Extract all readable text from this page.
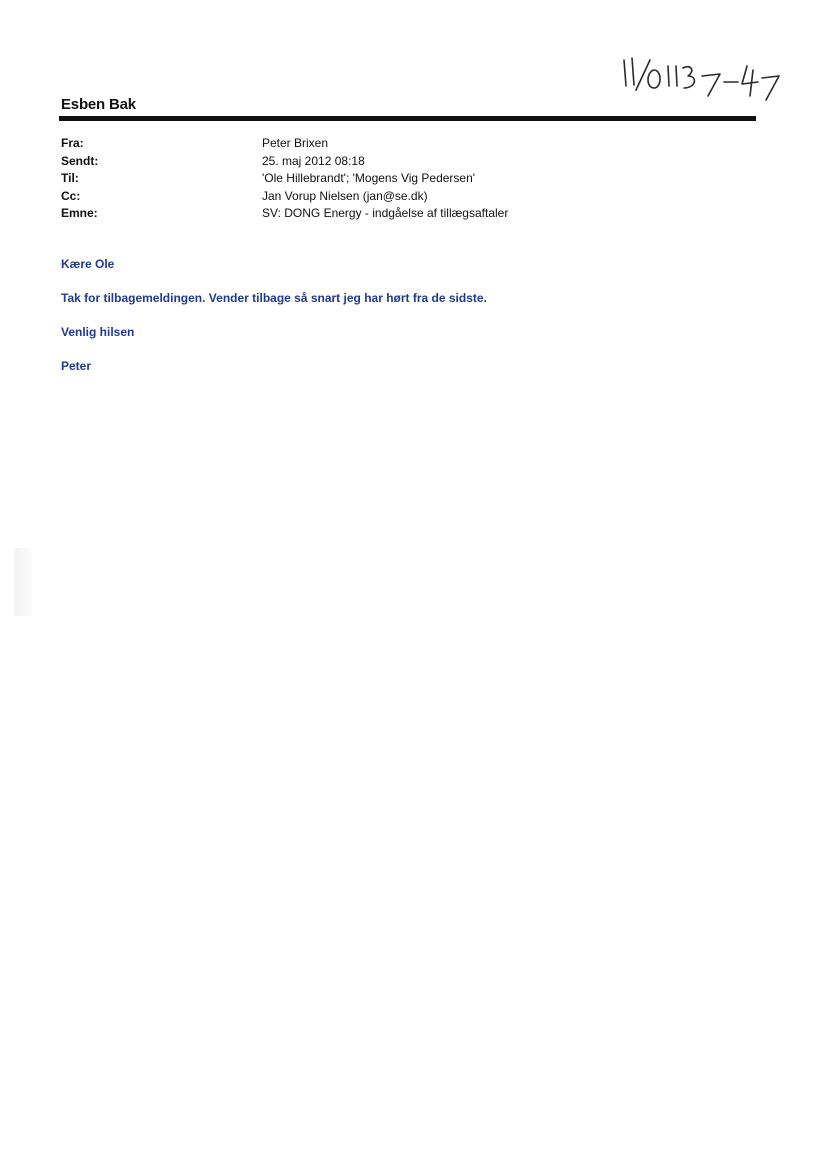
Esben Bak
Fra:	Peter Brixen
Sendt:	25. maj 2012 08:18
Til:	'Ole Hillebrandt'; 'Mogens Vig Pedersen'
Cc:	Jan Vorup Nielsen (jan@se.dk)
Emne:	SV: DONG Energy - indgåelse af tillægsaftaler
Kære Ole
Tak for tilbagemeldingen. Vender tilbage så snart jeg har hørt fra de sidste.
Venlig hilsen
Peter
